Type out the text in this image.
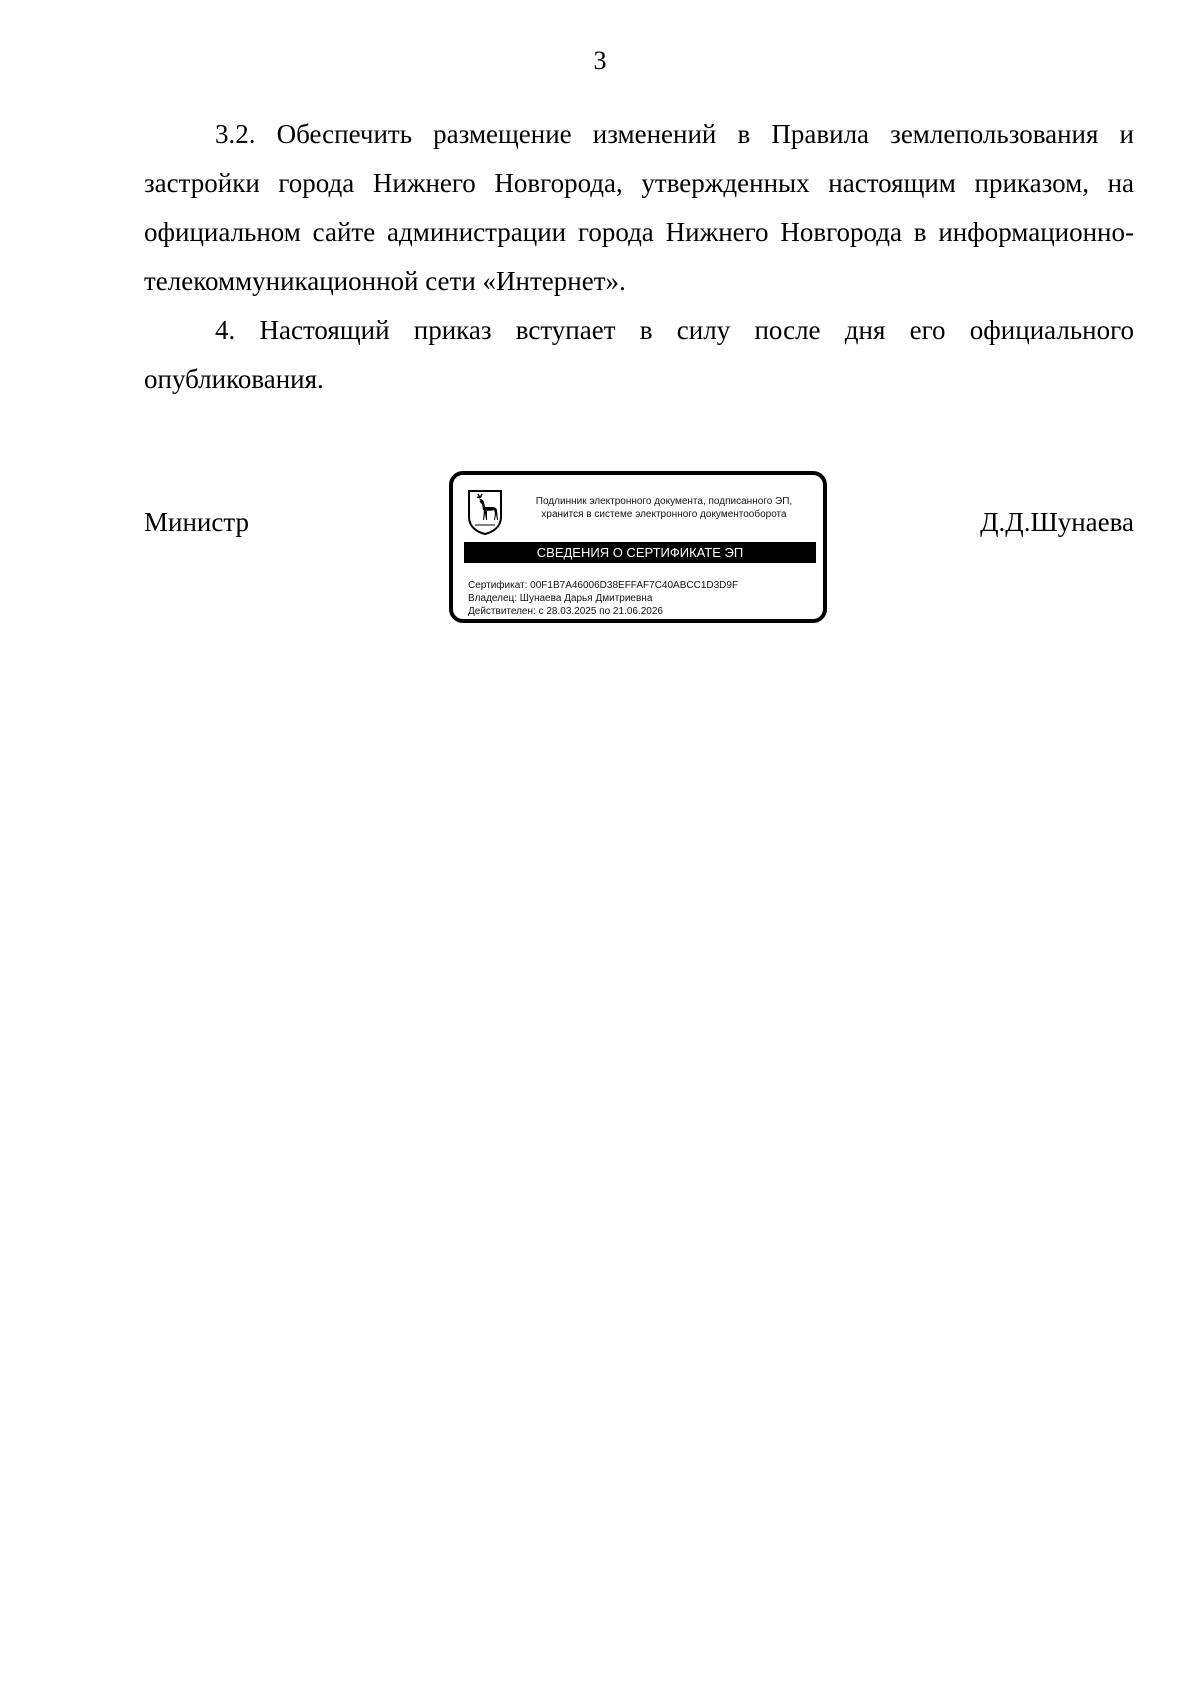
3

3.2. Обеспечить размещение изменений в Правила землепользования и застройки города Нижнего Новгорода, утвержденных настоящим приказом, на официальном сайте администрации города Нижнего Новгорода в информационно-телекоммуникационной сети «Интернет».

4. Настоящий приказ вступает в силу после дня его официального опубликования.

Министр
Подлинник электронного документа, подписанного ЭП,
хранится в системе электронного документооборота
СВЕДЕНИЯ О СЕРТИФИКАТЕ ЭП
Сертификат: 00F1B7A46006D38EFFAF7C40ABCC1D3D9F
Владелец: Шунаева Дарья Дмитриевна
Действителен: с 28.03.2025 по 21.06.2026
Д.Д.Шунаева
